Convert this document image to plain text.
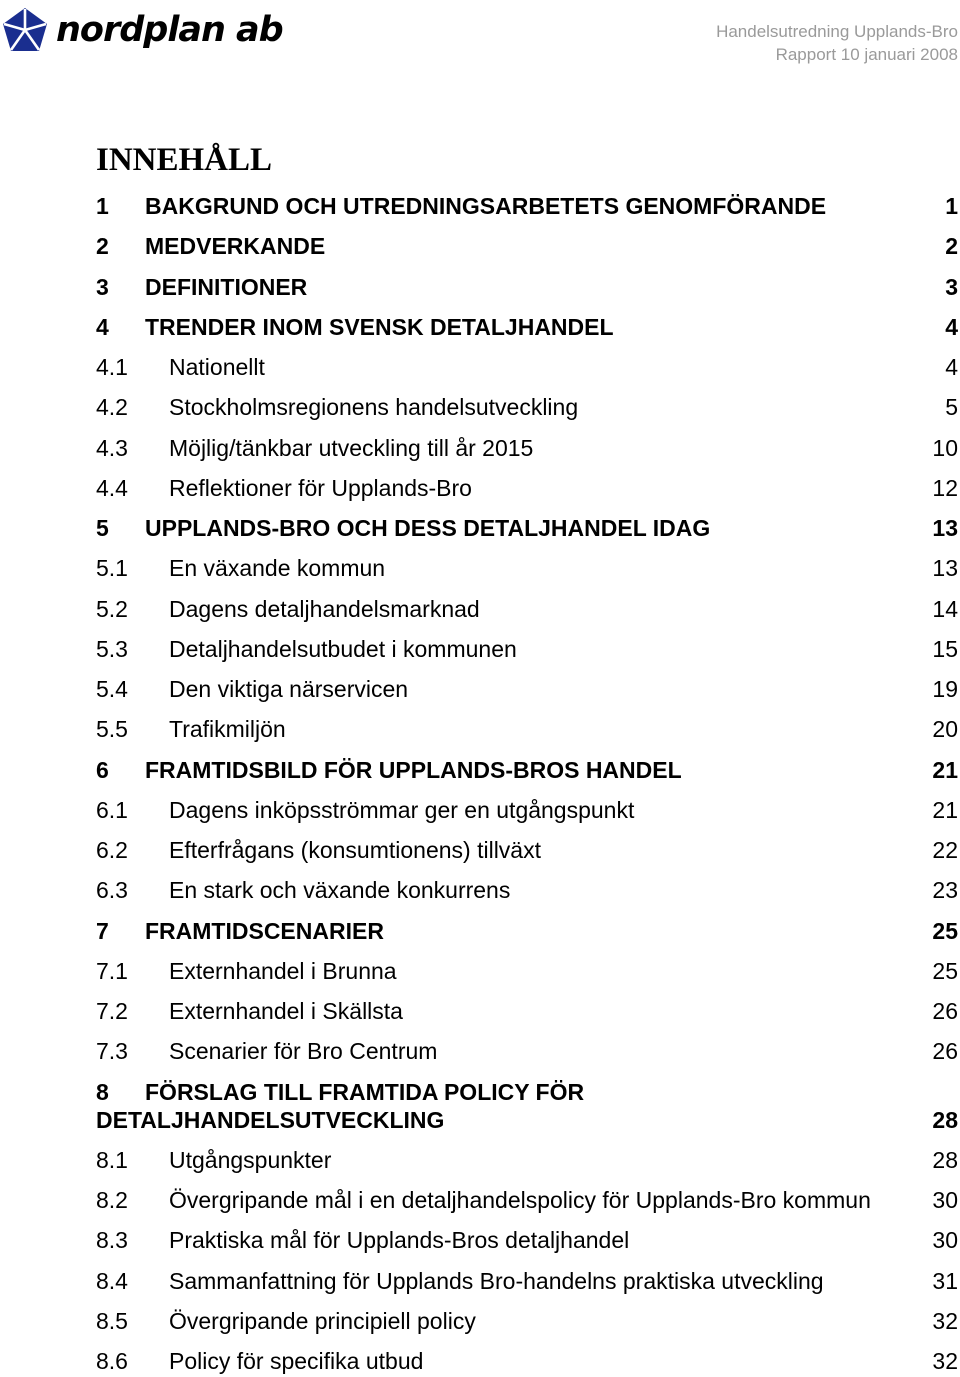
nordplan ab	Handelsutredning Upplands-Bro
Rapport 10 januari 2008
INNEHÅLL
1 BAKGRUND OCH UTREDNINGSARBETETS GENOMFÖRANDE	1
2 MEDVERKANDE	2
3 DEFINITIONER	3
4 TRENDER INOM SVENSK DETALJHANDEL	4
4.1 Nationellt	4
4.2 Stockholmsregionens handelsutveckling	5
4.3 Möjlig/tänkbar utveckling till år 2015	10
4.4 Reflektioner för Upplands-Bro	12
5 UPPLANDS-BRO OCH DESS DETALJHANDEL IDAG	13
5.1 En växande kommun	13
5.2 Dagens detaljhandelsmarknad	14
5.3 Detaljhandelsutbudet i kommunen	15
5.4 Den viktiga närservicen	19
5.5 Trafikmiljön	20
6 FRAMTIDSBILD FÖR UPPLANDS-BROS HANDEL	21
6.1 Dagens inköpsströmmar ger en utgångspunkt	21
6.2 Efterfrågans (konsumtionens) tillväxt	22
6.3 En stark och växande konkurrens	23
7 FRAMTIDSCENARIER	25
7.1 Externhandel i Brunna	25
7.2 Externhandel i Skällsta	26
7.3 Scenarier för Bro Centrum	26
8 FÖRSLAG TILL FRAMTIDA POLICY FÖR
DETALJHANDELSUTVECKLING	28
8.1 Utgångspunkter	28
8.2 Övergripande mål i en detaljhandelspolicy för Upplands-Bro kommun	30
8.3 Praktiska mål för Upplands-Bros detaljhandel	30
8.4 Sammanfattning för Upplands Bro-handelns praktiska utveckling	31
8.5 Övergripande principiell policy	32
8.6 Policy för specifika utbud	32
